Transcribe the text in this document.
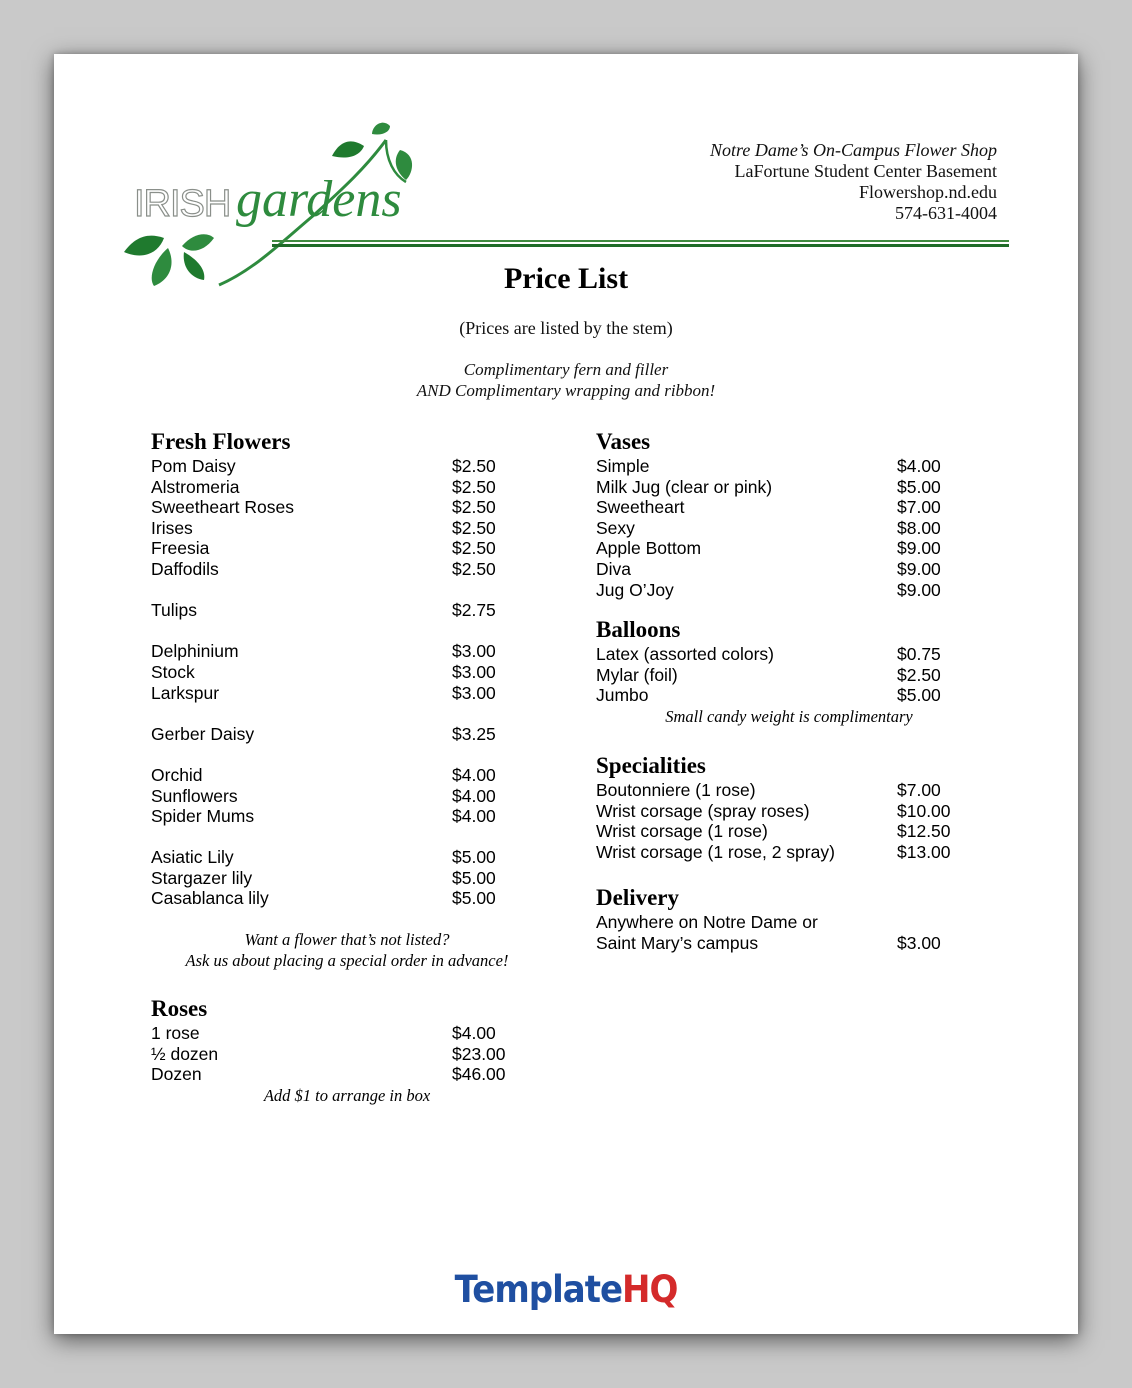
IRISH gardens
Notre Dame’s On-Campus Flower Shop
LaFortune Student Center Basement
Flowershop.nd.edu
574-631-4004
Price List
(Prices are listed by the stem)
Complimentary fern and filler
AND Complimentary wrapping and ribbon!
Fresh Flowers
Pom Daisy	$2.50
Alstromeria	$2.50
Sweetheart Roses	$2.50
Irises	$2.50
Freesia	$2.50
Daffodils	$2.50
Tulips	$2.75
Delphinium	$3.00
Stock	$3.00
Larkspur	$3.00
Gerber Daisy	$3.25
Orchid	$4.00
Sunflowers	$4.00
Spider Mums	$4.00
Asiatic Lily	$5.00
Stargazer lily	$5.00
Casablanca lily	$5.00
Want a flower that’s not listed?
Ask us about placing a special order in advance!
Roses
1 rose	$4.00
½ dozen	$23.00
Dozen	$46.00
Add $1 to arrange in box
Vases
Simple	$4.00
Milk Jug (clear or pink)	$5.00
Sweetheart	$7.00
Sexy	$8.00
Apple Bottom	$9.00
Diva	$9.00
Jug O’Joy	$9.00
Balloons
Latex (assorted colors)	$0.75
Mylar (foil)	$2.50
Jumbo	$5.00
Small candy weight is complimentary
Specialities
Boutonniere (1 rose)	$7.00
Wrist corsage (spray roses)	$10.00
Wrist corsage (1 rose)	$12.50
Wrist corsage (1 rose, 2 spray)	$13.00
Delivery
Anywhere on Notre Dame or
Saint Mary’s campus	$3.00
TemplateHQ
